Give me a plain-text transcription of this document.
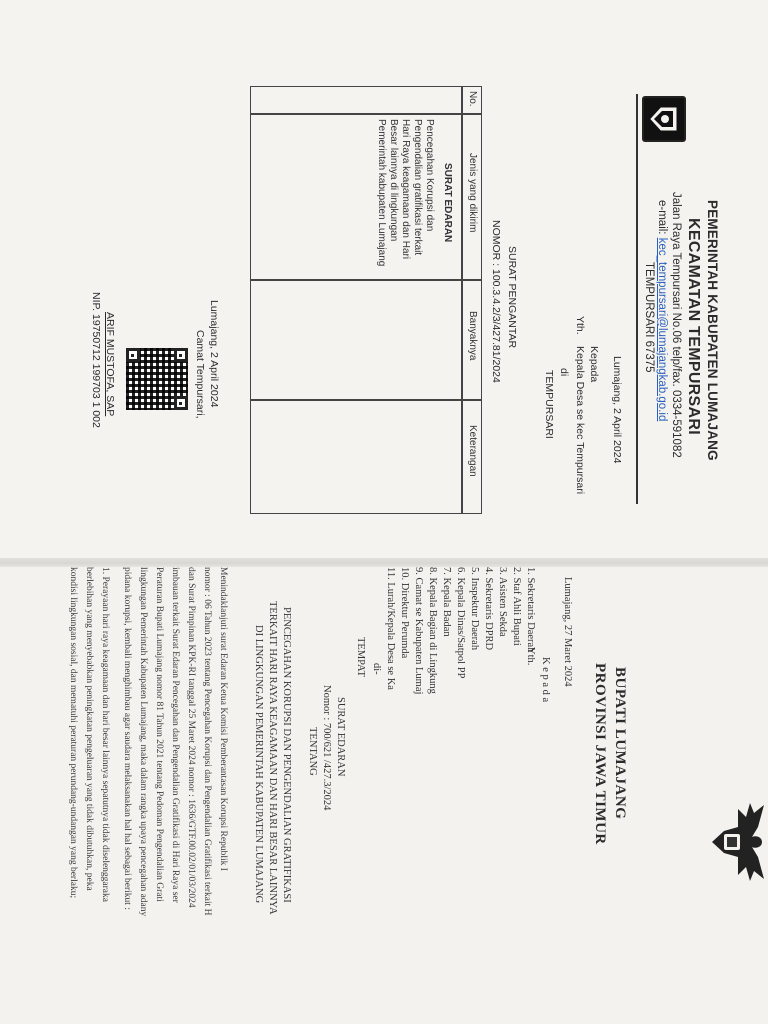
PEMERINTAH KABUPATEN LUMAJANG
KECAMATAN TEMPURSARI
Jalan Raya Tempursari No.06 telp/fax. 0334-591082
e-mail: kec_tempursari@lumajangkab.go.id
TEMPURSARI 67375
Lumajang, 2 April 2024
Kepada
Yth.
Kepala Desa se kec Tempursari
di
TEMPURSARI
SURAT PENGANTAR
NOMOR : 100.3.4.2/3/427.81/2024
No.
Jenis yang dikirim
SURAT EDARAN
Pencegahan Korupsi dan Pengendalian gratifikasi terkait Hari Raya keagamaan dan Hari Besar lainnya di lingkungan Pemerintah kabupaten Lumajang
Banyaknya
Keterangan
Lumajang, 2 April 2024
Camat Tempursari,
ARIF MUSTOFA, SAP
NIP. 19750712 199703 1 002
BUPATI LUMAJANG
PROVINSI JAWA TIMUR
Lumajang, 27 Maret 2024
K e p a d a
Yth.
1. Sekretaris Daerah
2. Staf Ahli Bupati
3. Asisten Sekda
4. Sekretaris DPRD
5. Inspektur Daerah
6. Kepala Dinas/Satpol PP
7. Kepala Badan
8. Kepala Bagian di Lingkung
9. Camat se Kabupaten Lumaj
10. Direktur Perumda
11. Lurah/Kepala Desa se Ka
di-
TEMPAT
SURAT EDARAN
Nomor : 700/621 /427.3/2024
TENTANG
PENCEGAHAN KORUPSI DAN PENGENDALIAN GRATIFIKASI
TERKAIT HARI RAYA KEAGAMAAN DAN HARI BESAR LAINNYA
DI LINGKUNGAN PEMERINTAH KABUPATEN LUMAJANG
Menindaklanjuti surat Edaran Ketua Komisi Pemberantasan Korupsi Republik I
nomor : 06 Tahun 2023 tentang Pencegahan Korupsi dan Pengendalian Gratifikasi terkait H
dan Surat Pimpinan KPK-RI tanggal 25 Maret 2024 nomor : 1636/GTF.00.02/01/03/2024
imbauan terkait Surat Edaran Pencegahan dan Pengendalian Gratifikasi di Hari Raya ser
Peraturan Bupati Lumajang nomor 81 Tahun 2021 tentang Pedoman Pengendalian Grati
lingkungan Pemerintah Kabupaten Lumajang, maka dalam rangka upaya pencegahan adany
pidana korupsi, kembali menghimbau agar saudara melaksanakan hal hal sebagai berikut :
1. Perayaan hari raya keagamaan dan hari besar lainnya sepatutnya tidak diselenggaraka
berlebihan yang menyebabkan peningkatan pengeluaran yang tidak dibutuhkan, peka
kondisi lingkungan sosial, dan mematuhi peraturan perundang-undangan yang berlaku;
